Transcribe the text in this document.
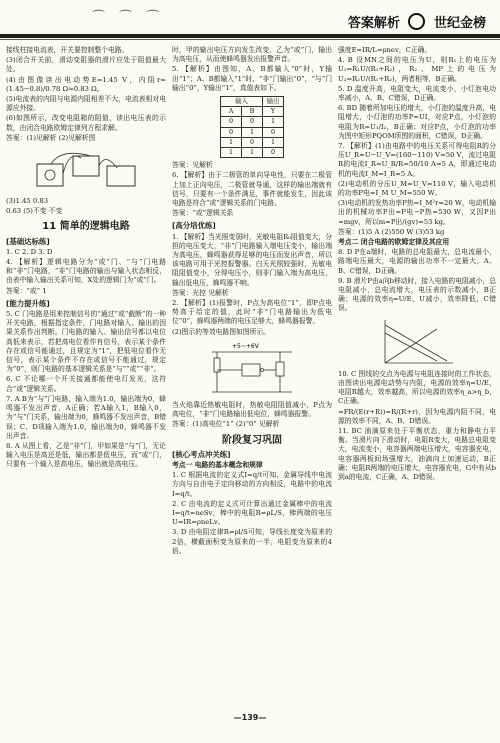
⌒ ⌒ ⌒	答案解析	世纪金榜

接线柱接电流表，开关要控制整个电路。

(3)闭合开关前，滑动变阻器的滑片应处于阻值最大处。

(4)由图像读出电动势E=1.45 V，内阻r=(1.45−0.8)/0.78 Ω≈0.83 Ω。

(5)电流表的内阻与电源内阻相差不大，电流表相对电源应外接。

(6)如图所示，改变电阻箱的阻值，读出电压表的示数，由闭合电路欧姆定律列方程求解。

答案：(1)见解析 (2)见解析图

(3)1.45 0.83

0.63 (5)不变 不变

11 简单的逻辑电路
[ 基础达标练 ]

1. C 2. D 3. D

4. 【解析】逻辑电路分为“或”门、“与”门电路和“非”门电路，“非”门电路的输出与输入状态相反，由表中输入输出关系可知，X处的逻辑门为“或”门。

答案：“或” 1

[ 能力提升练 ]

5. C 门电路是用来控制信号的“通过”或“截断”的一种开关电路，根据指定条件，门电路对输入、输出的因果关系作出判断。门电路的输入、输出信号都以电位高低来表示，若把高电位看作有信号，表示某个条件存在或信号能通过，且规定为“1”，把低电位看作无信号，表示某个条件不存在或信号不能通过，规定为“0”，则门电路的基本逻辑关系是“与”“或”“非”。

6. C 不论哪一个开关接通都能使电灯发光，这符合“或”逻辑关系。

7. A B为“与”门电路，输入端为1.0，输出端为0，蜂鸣器不发出声音，A正确；若A输入1，B输入0，为“与”门关系，输出端为0，蜂鸣器不发出声音，B错误；C、D项输入端为1.0，输出端为0，蜂鸣器不发出声音。

8. A 从图上看，乙是“非”门，甲如果是“与”门，无论输入电压是高还是低，输出都是低电压，而“或”门，只要有一个输入是高电压，输出就是高电压。

时，甲的输出电压方向发生改变，乙为“或”门，输出为高电压，从而使蜂鸣器发出报警声音。

5. 【解析】由图知，A、B都输入“0”时，Y输出“1”；A、B都输入“1”时，“非”门输出“0”，“与”门输出“0”，Y输出“1”，真值表如下。

输入		输出
A	B	Y
0	0	1
0	1	0
1	0	1
1	1	0

答案：见解析

6. 【解析】由于二极管的单向导电性，只要在二极管上加上正向电压，二极管就导通，这样的输出端就有信号，只要有一个条件满足，事件就能发生，因此该电路是符合“或”逻辑关系的门电路。

答案：“或”逻辑关系

[ 高分培优练 ]

1. 【解析】当光照变弱时，光敏电阻R₀阻值变大，分担的电压变大，“非”门电路输入端电压变小，输出端为高电压，蜂鸣器获得足够的电压而发出声音，所以该电路可用于光控报警器。白天光照较强时，光敏电阻阻值变小，分得电压小，则非门输入端为高电压，输出低电压，蜂鸣器不响。

答案：光控 见解析

2. 【解析】(1)报警时，P点为高电位“1”，即P点电势高于给定的值，此时“非”门电路输出为低电位“0”，蜂鸣器两端的电压足够大，蜂鸣器报警。

(2)图示的等效电路图如图所示。

+5~+6V

当火焰靠近热敏电阻时，热敏电阻阻值减小，P点为高电位，“非”门电路输出低电位，蜂鸣器报警。

答案：(1)高电位“1” (2)“0” 见解析

阶段复习巩固
[ 核心考点冲关练 ]

考点一 电路的基本概念和规律

1. C 根据电流的定义式I=q/t可知，金属导线中电流方向与自由电子定向移动的方向相反，电路中的电流I=q/t。

2. C 由电流的定义式可计算出通过金属棒中的电流I=q/t=neSv，棒中的电阻R=ρL/S，棒两端的电压U=IR=ρneLv。

3. D 由电阻定律R=ρl/S可知，导线长度变为原来的2倍，横截面积变为原来的一半，电阻变为原来的4倍。

强度E=IR/L=ρnev，C正确。

4. B 设MN之间的电压为U，则R₁上的电压为U₁=R₁U/(R₁+R₂)，R₂、MP上的电压为U₂=R₂U/(R₁+R₂)，两者相等，B正确。

5. D 温度升高，电阻变大，电流变小，小灯泡电功率减小，A、B、C错误，D正确。

6. BD 随着所加电压的增大，小灯泡的温度升高，电阻增大，小灯泡的功率P=UI，对应P点，小灯泡的电阻为R=U₁/I₂，B正确；对应P点，小灯泡的功率为图中矩形PQOM所围的面积，C错误，D正确。

7. 【解析】(1)由电路中的电压关系可得电阻R的分压U_R=U−U_V=(160−110) V=50 V，流过电阻R的电流I_R=U_R/R=50/10 A=5 A，即通过电动机的电流I_M=I_R=5 A。

(2)电动机的分压U_M=U_V=110 V，输入电动机的功率P电=I_M U_M=550 W。

(3)电动机的发热功率P热=I_M²r=20 W，电动机输出的机械功率P出=P电−P热=530 W，又因P出=mgv，所以m=P出/(gv)=53 kg。

答案：(1)5 A (2)550 W (3)53 kg

考点二 闭合电路的欧姆定律及其应用

8. D P在a端时，电路的总电阻最大，总电流最小，路端电压最大，电源的输出功率不一定最大，A、B、C错误，D正确。

9. B 滑片P由a向b移动时，接入电路的电阻减小，总电阻减小，总电流增大，电压表的示数减小，B正确；电源的效率η=U/E，U减小，效率降低，C错误。

10. C 图线的交点为电源与电阻连接时的工作状态，由图读出电源电动势与内阻，电源的效率η=U/E，电阻R越大，效率越高，所以电源的效率η_a>η_b，C正确。

=FR/(E(r+R))=R/(R+r)，因为电源内阻不同，电源的效率不同，A、B、D错误。

11. BC 油滴原来处于平衡状态，重力和静电力平衡。当滑片向下滑动时，电阻R变大，电路总电阻变大，电流变小，电容器两端电压增大，电容器充电，电容器两板间场强增大，油滴向上加速运动，B正确；电阻R两端的电压增大，电容器充电，G中有从b到a的电流，C正确，A、D错误。

—139—
